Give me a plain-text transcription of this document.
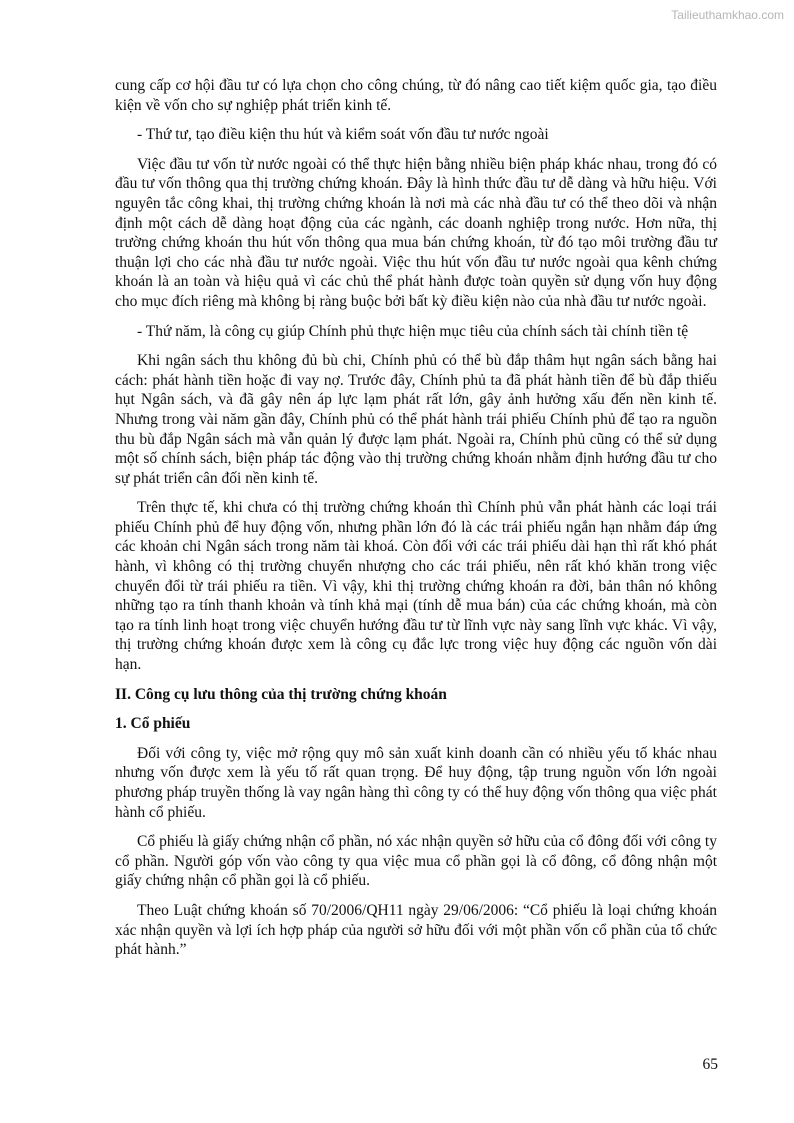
Tailieuthamkhao.com

cung cấp cơ hội đầu tư có lựa chọn cho công chúng, từ đó nâng cao tiết kiệm quốc gia, tạo điều kiện về vốn cho sự nghiệp phát triển kinh tế.

- Thứ tư, tạo điều kiện thu hút và kiểm soát vốn đầu tư nước ngoài

Việc đầu tư vốn từ nước ngoài có thể thực hiện bằng nhiều biện pháp khác nhau, trong đó có đầu tư vốn thông qua thị trường chứng khoán. Đây là hình thức đầu tư dễ dàng và hữu hiệu. Với nguyên tắc công khai, thị trường chứng khoán là nơi mà các nhà đầu tư có thể theo dõi và nhận định một cách dễ dàng hoạt động của các ngành, các doanh nghiệp trong nước. Hơn nữa, thị trường chứng khoán thu hút vốn thông qua mua bán chứng khoán, từ đó tạo môi trường đầu tư thuận lợi cho các nhà đầu tư nước ngoài. Việc thu hút vốn đầu tư nước ngoài qua kênh chứng khoán là an toàn và hiệu quả vì các chủ thể phát hành được toàn quyền sử dụng vốn huy động cho mục đích riêng mà không bị ràng buộc bởi bất kỳ điều kiện nào của nhà đầu tư nước ngoài.

- Thứ năm, là công cụ giúp Chính phủ thực hiện mục tiêu của chính sách tài chính tiền tệ

Khi ngân sách thu không đủ bù chi, Chính phủ có thể bù đắp thâm hụt ngân sách bằng hai cách: phát hành tiền hoặc đi vay nợ. Trước đây, Chính phủ ta đã phát hành tiền để bù đắp thiếu hụt Ngân sách, và đã gây nên áp lực lạm phát rất lớn, gây ảnh hưởng xấu đến nền kinh tế. Nhưng trong vài năm gần đây, Chính phủ có thể phát hành trái phiếu Chính phủ để tạo ra nguồn thu bù đắp Ngân sách mà vẫn quản lý được lạm phát. Ngoài ra, Chính phủ cũng có thể sử dụng một số chính sách, biện pháp tác động vào thị trường chứng khoán nhằm định hướng đầu tư cho sự phát triển cân đối nền kinh tế.

Trên thực tế, khi chưa có thị trường chứng khoán thì Chính phủ vẫn phát hành các loại trái phiếu Chính phủ để huy động vốn, nhưng phần lớn đó là các trái phiếu ngắn hạn nhằm đáp ứng các khoản chi Ngân sách trong năm tài khoá. Còn đối với các trái phiếu dài hạn thì rất khó phát hành, vì không có thị trường chuyển nhượng cho các trái phiếu, nên rất khó khăn trong việc chuyển đổi từ trái phiếu ra tiền. Vì vậy, khi thị trường chứng khoán ra đời, bản thân nó không những tạo ra tính thanh khoản và tính khả mại (tính dễ mua bán) của các chứng khoán, mà còn tạo ra tính linh hoạt trong việc chuyển hướng đầu tư từ lĩnh vực này sang lĩnh vực khác. Vì vậy, thị trường chứng khoán được xem là công cụ đắc lực trong việc huy động các nguồn vốn dài hạn.

II. Công cụ lưu thông của thị trường chứng khoán

1. Cổ phiếu

Đối với công ty, việc mở rộng quy mô sản xuất kinh doanh cần có nhiều yếu tố khác nhau nhưng vốn được xem là yếu tố rất quan trọng. Để huy động, tập trung nguồn vốn lớn ngoài phương pháp truyền thống là vay ngân hàng thì công ty có thể huy động vốn thông qua việc phát hành cổ phiếu.

Cổ phiếu là giấy chứng nhận cổ phần, nó xác nhận quyền sở hữu của cổ đông đối với công ty cổ phần. Người góp vốn vào công ty qua việc mua cổ phần gọi là cổ đông, cổ đông nhận một giấy chứng nhận cổ phần gọi là cổ phiếu.

Theo Luật chứng khoán số 70/2006/QH11 ngày 29/06/2006: “Cổ phiếu là loại chứng khoán xác nhận quyền và lợi ích hợp pháp của người sở hữu đối với một phần vốn cổ phần của tổ chức phát hành.”

65
